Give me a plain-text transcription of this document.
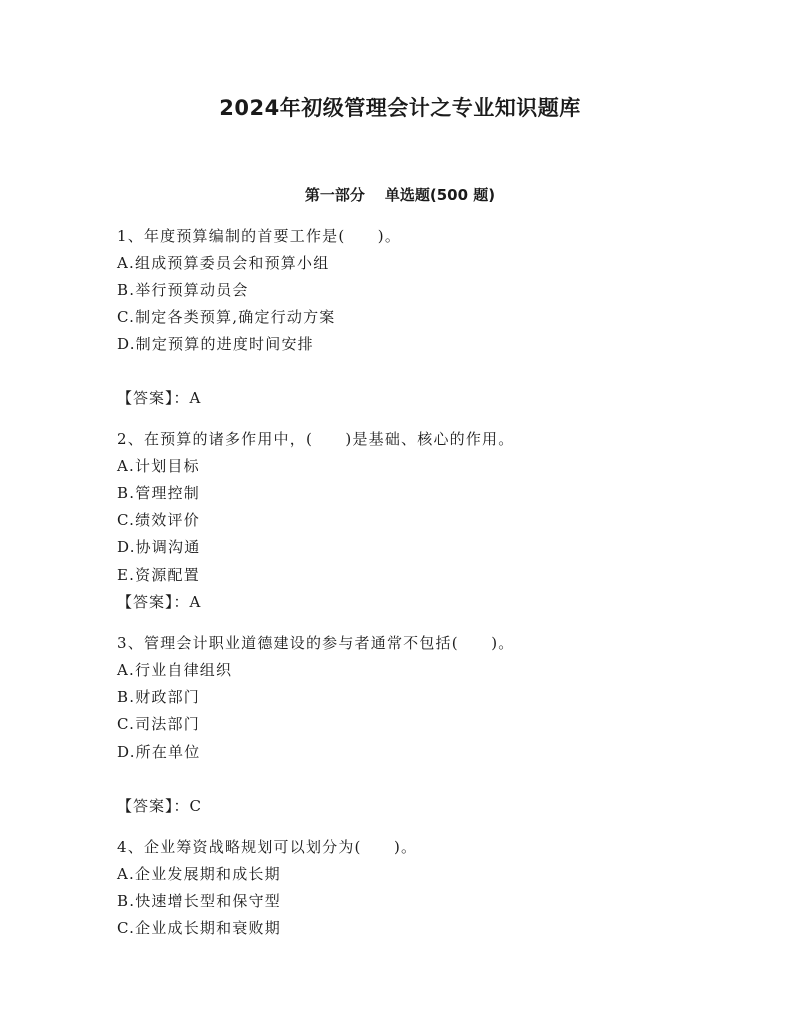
2024年初级管理会计之专业知识题库
第一部分 单选题(500 题)
1、年度预算编制的首要工作是(　　)。
A.组成预算委员会和预算小组
B.举行预算动员会
C.制定各类预算,确定行动方案
D.制定预算的进度时间安排
【答案】：A
2、在预算的诸多作用中，(　　)是基础、核心的作用。
A.计划目标
B.管理控制
C.绩效评价
D.协调沟通
E.资源配置
【答案】：A
3、管理会计职业道德建设的参与者通常不包括(　　)。
A.行业自律组织
B.财政部门
C.司法部门
D.所在单位
【答案】：C
4、企业筹资战略规划可以划分为(　　)。
A.企业发展期和成长期
B.快速增长型和保守型
C.企业成长期和衰败期
